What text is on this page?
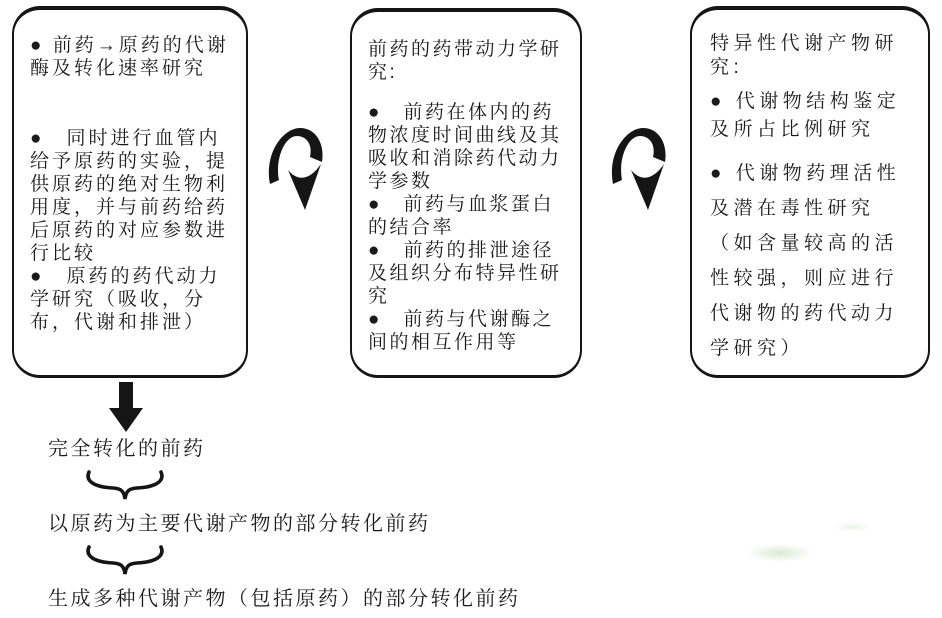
● 前药→原药的代谢酶及转化速率研究

●　同时进行血管内给予原药的实验，提供原药的绝对生物利用度，并与前药给药后原药的对应参数进行比较

●　原药的药代动力学研究（吸收，分布，代谢和排泄）

前药的药带动力学研究:

●　前药在体内的药物浓度时间曲线及其吸收和消除药代动力学参数

●　前药与血浆蛋白的结合率

●　前药的排泄途径及组织分布特异性研究

●　前药与代谢酶之间的相互作用等

特异性代谢产物研究:

● 代谢物结构鉴定及所占比例研究

● 代谢物药理活性及潜在毒性研究（如含量较高的活性较强，则应进行代谢物的药代动力学研究）

完全转化的前药
以原药为主要代谢产物的部分转化前药
生成多种代谢产物（包括原药）的部分转化前药
